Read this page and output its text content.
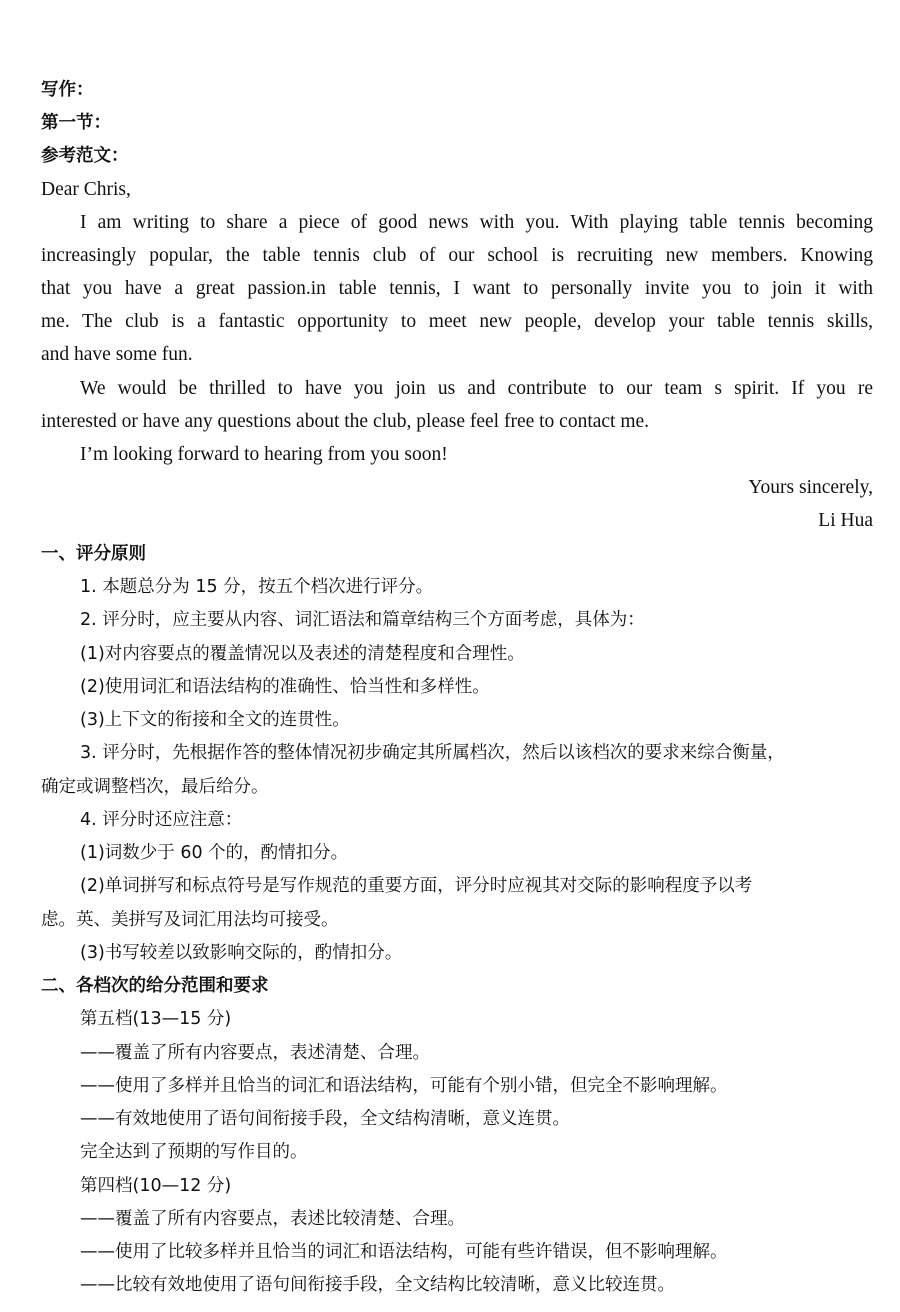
写作：
第一节：
参考范文：
Dear Chris,
I am writing to share a piece of good news with you. With playing table tennis becoming
increasingly popular, the table tennis club of our school is recruiting new members. Knowing
that you have a great passion.in table tennis, I want to personally invite you to join it with
me. The club is a fantastic opportunity to meet new people, develop your table tennis skills,
and have some fun.
We would be thrilled to have you join us and contribute to our team s spirit. If you re
interested or have any questions about the club, please feel free to contact me.
I’m looking forward to hearing from you soon!
Yours sincerely,
Li Hua
一、评分原则
1. 本题总分为 15 分，按五个档次进行评分。
2. 评分时，应主要从内容、词汇语法和篇章结构三个方面考虑，具体为：
(1)对内容要点的覆盖情况以及表述的清楚程度和合理性。
(2)使用词汇和语法结构的准确性、恰当性和多样性。
(3)上下文的衔接和全文的连贯性。
3. 评分时，先根据作答的整体情况初步确定其所属档次，然后以该档次的要求来综合衡量，
确定或调整档次，最后给分。
4. 评分时还应注意：
(1)词数少于 60 个的，酌情扣分。
(2)单词拼写和标点符号是写作规范的重要方面，评分时应视其对交际的影响程度予以考
虑。英、美拼写及词汇用法均可接受。
(3)书写较差以致影响交际的，酌情扣分。
二、各档次的给分范围和要求
第五档(13—15 分)
——覆盖了所有内容要点，表述清楚、合理。
——使用了多样并且恰当的词汇和语法结构，可能有个别小错，但完全不影响理解。
——有效地使用了语句间衔接手段，全文结构清晰，意义连贯。
完全达到了预期的写作目的。
第四档(10—12 分)
——覆盖了所有内容要点，表述比较清楚、合理。
——使用了比较多样并且恰当的词汇和语法结构，可能有些许错误，但不影响理解。
——比较有效地使用了语句间衔接手段，全文结构比较清晰，意义比较连贯。
